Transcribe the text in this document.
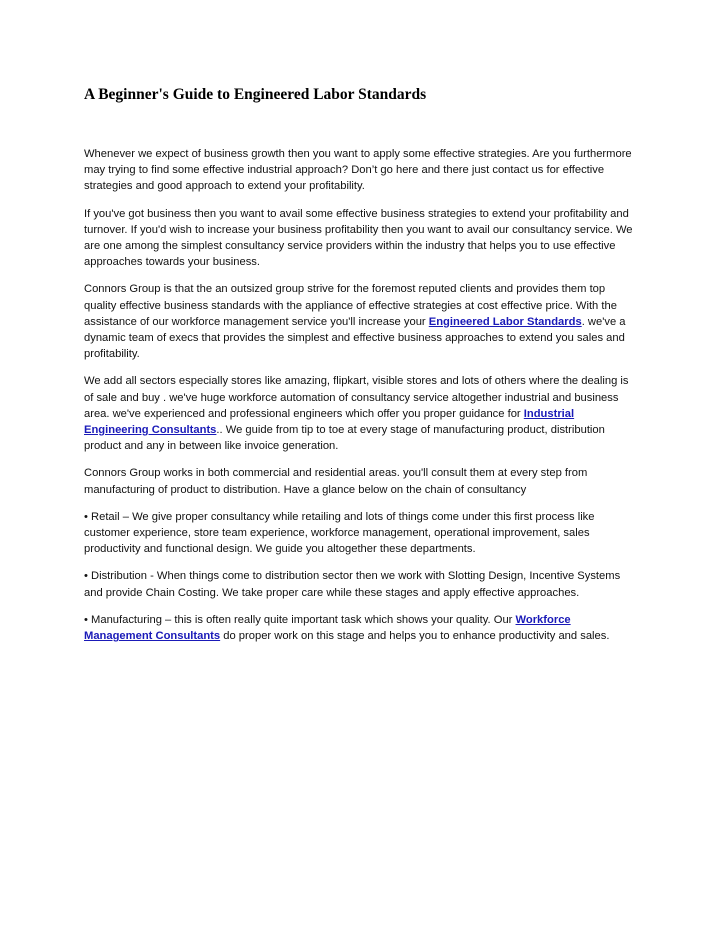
A Beginner's Guide to Engineered Labor Standards

Whenever we expect of business growth then you want to apply some effective strategies. Are you furthermore may trying to find some effective industrial approach? Don’t go here and there just contact us for effective strategies and good approach to extend your profitability.

If you've got business then you want to avail some effective business strategies to extend your profitability and turnover. If you'd wish to increase your business profitability then you want to avail our consultancy service. We are one among the simplest consultancy service providers within the industry that helps you to use effective approaches towards your business.

Connors Group is that the an outsized group strive for the foremost reputed clients and provides them top quality effective business standards with the appliance of effective strategies at cost effective price. With the assistance of our workforce management service you'll increase your Engineered Labor Standards. we've a dynamic team of execs that provides the simplest and effective business approaches to extend you sales and profitability.

We add all sectors especially stores like amazing, flipkart, visible stores and lots of others where the dealing is of sale and buy . we've huge workforce automation of consultancy service altogether industrial and business area. we've experienced and professional engineers which offer you proper guidance for Industrial Engineering Consultants.. We guide from tip to toe at every stage of manufacturing product, distribution product and any in between like invoice generation.

Connors Group works in both commercial and residential areas. you'll consult them at every step from manufacturing of product to distribution. Have a glance below on the chain of consultancy

• Retail – We give proper consultancy while retailing and lots of things come under this first process like customer experience, store team experience, workforce management, operational improvement, sales productivity and functional design. We guide you altogether these departments.

• Distribution - When things come to distribution sector then we work with Slotting Design, Incentive Systems and provide Chain Costing. We take proper care while these stages and apply effective approaches.

• Manufacturing – this is often really quite important task which shows your quality. Our Workforce Management Consultants do proper work on this stage and helps you to enhance productivity and sales.
